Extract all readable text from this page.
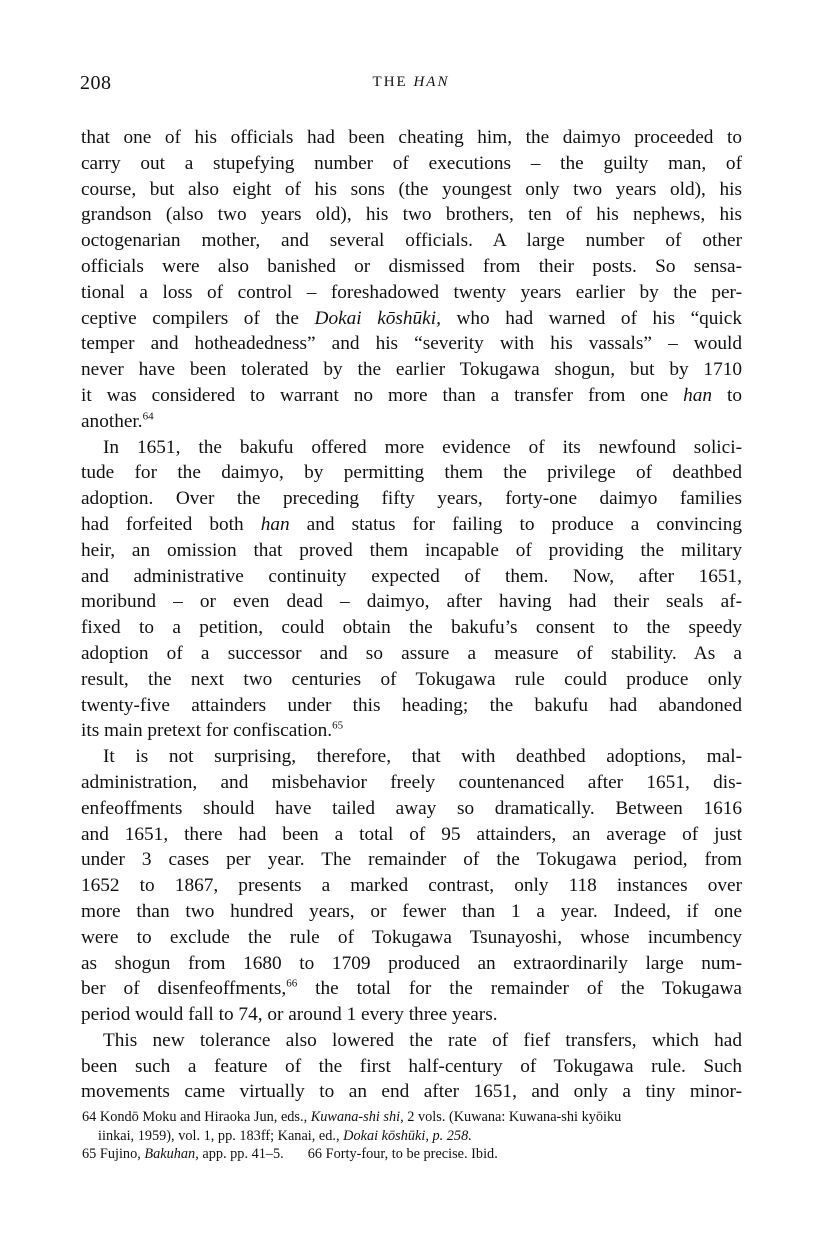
208	THE HAN
that one of his officials had been cheating him, the daimyo proceeded to
carry out a stupefying number of executions – the guilty man, of
course, but also eight of his sons (the youngest only two years old), his
grandson (also two years old), his two brothers, ten of his nephews, his
octogenarian mother, and several officials. A large number of other
officials were also banished or dismissed from their posts. So sensa-
tional a loss of control – foreshadowed twenty years earlier by the per-
ceptive compilers of the Dokai kōshūki, who had warned of his “quick
temper and hotheadedness” and his “severity with his vassals” – would
never have been tolerated by the earlier Tokugawa shogun, but by 1710
it was considered to warrant no more than a transfer from one han to
another.$^{64}$
In 1651, the bakufu offered more evidence of its newfound solici-
tude for the daimyo, by permitting them the privilege of deathbed
adoption. Over the preceding fifty years, forty-one daimyo families
had forfeited both han and status for failing to produce a convincing
heir, an omission that proved them incapable of providing the military
and administrative continuity expected of them. Now, after 1651,
moribund – or even dead – daimyo, after having had their seals af-
fixed to a petition, could obtain the bakufu’s consent to the speedy
adoption of a successor and so assure a measure of stability. As a
result, the next two centuries of Tokugawa rule could produce only
twenty-five attainders under this heading; the bakufu had abandoned
its main pretext for confiscation.$^{65}$
It is not surprising, therefore, that with deathbed adoptions, mal-
administration, and misbehavior freely countenanced after 1651, dis-
enfeoffments should have tailed away so dramatically. Between 1616
and 1651, there had been a total of 95 attainders, an average of just
under 3 cases per year. The remainder of the Tokugawa period, from
1652 to 1867, presents a marked contrast, only 118 instances over
more than two hundred years, or fewer than 1 a year. Indeed, if one
were to exclude the rule of Tokugawa Tsunayoshi, whose incumbency
as shogun from 1680 to 1709 produced an extraordinarily large num-
ber of disenfeoffments,$^{66}$ the total for the remainder of the Tokugawa
period would fall to 74, or around 1 every three years.
This new tolerance also lowered the rate of fief transfers, which had
been such a feature of the first half-century of Tokugawa rule. Such
movements came virtually to an end after 1651, and only a tiny minor-
64 Kondō Moku and Hiraoka Jun, eds., Kuwana-shi shi, 2 vols. (Kuwana: Kuwana-shi kyōiku
iinkai, 1959), vol. 1, pp. 183ff; Kanai, ed., Dokai kōshūki, p. 258.
65 Fujino, Bakuhan, app. pp. 41–5. 66 Forty-four, to be precise. Ibid.
